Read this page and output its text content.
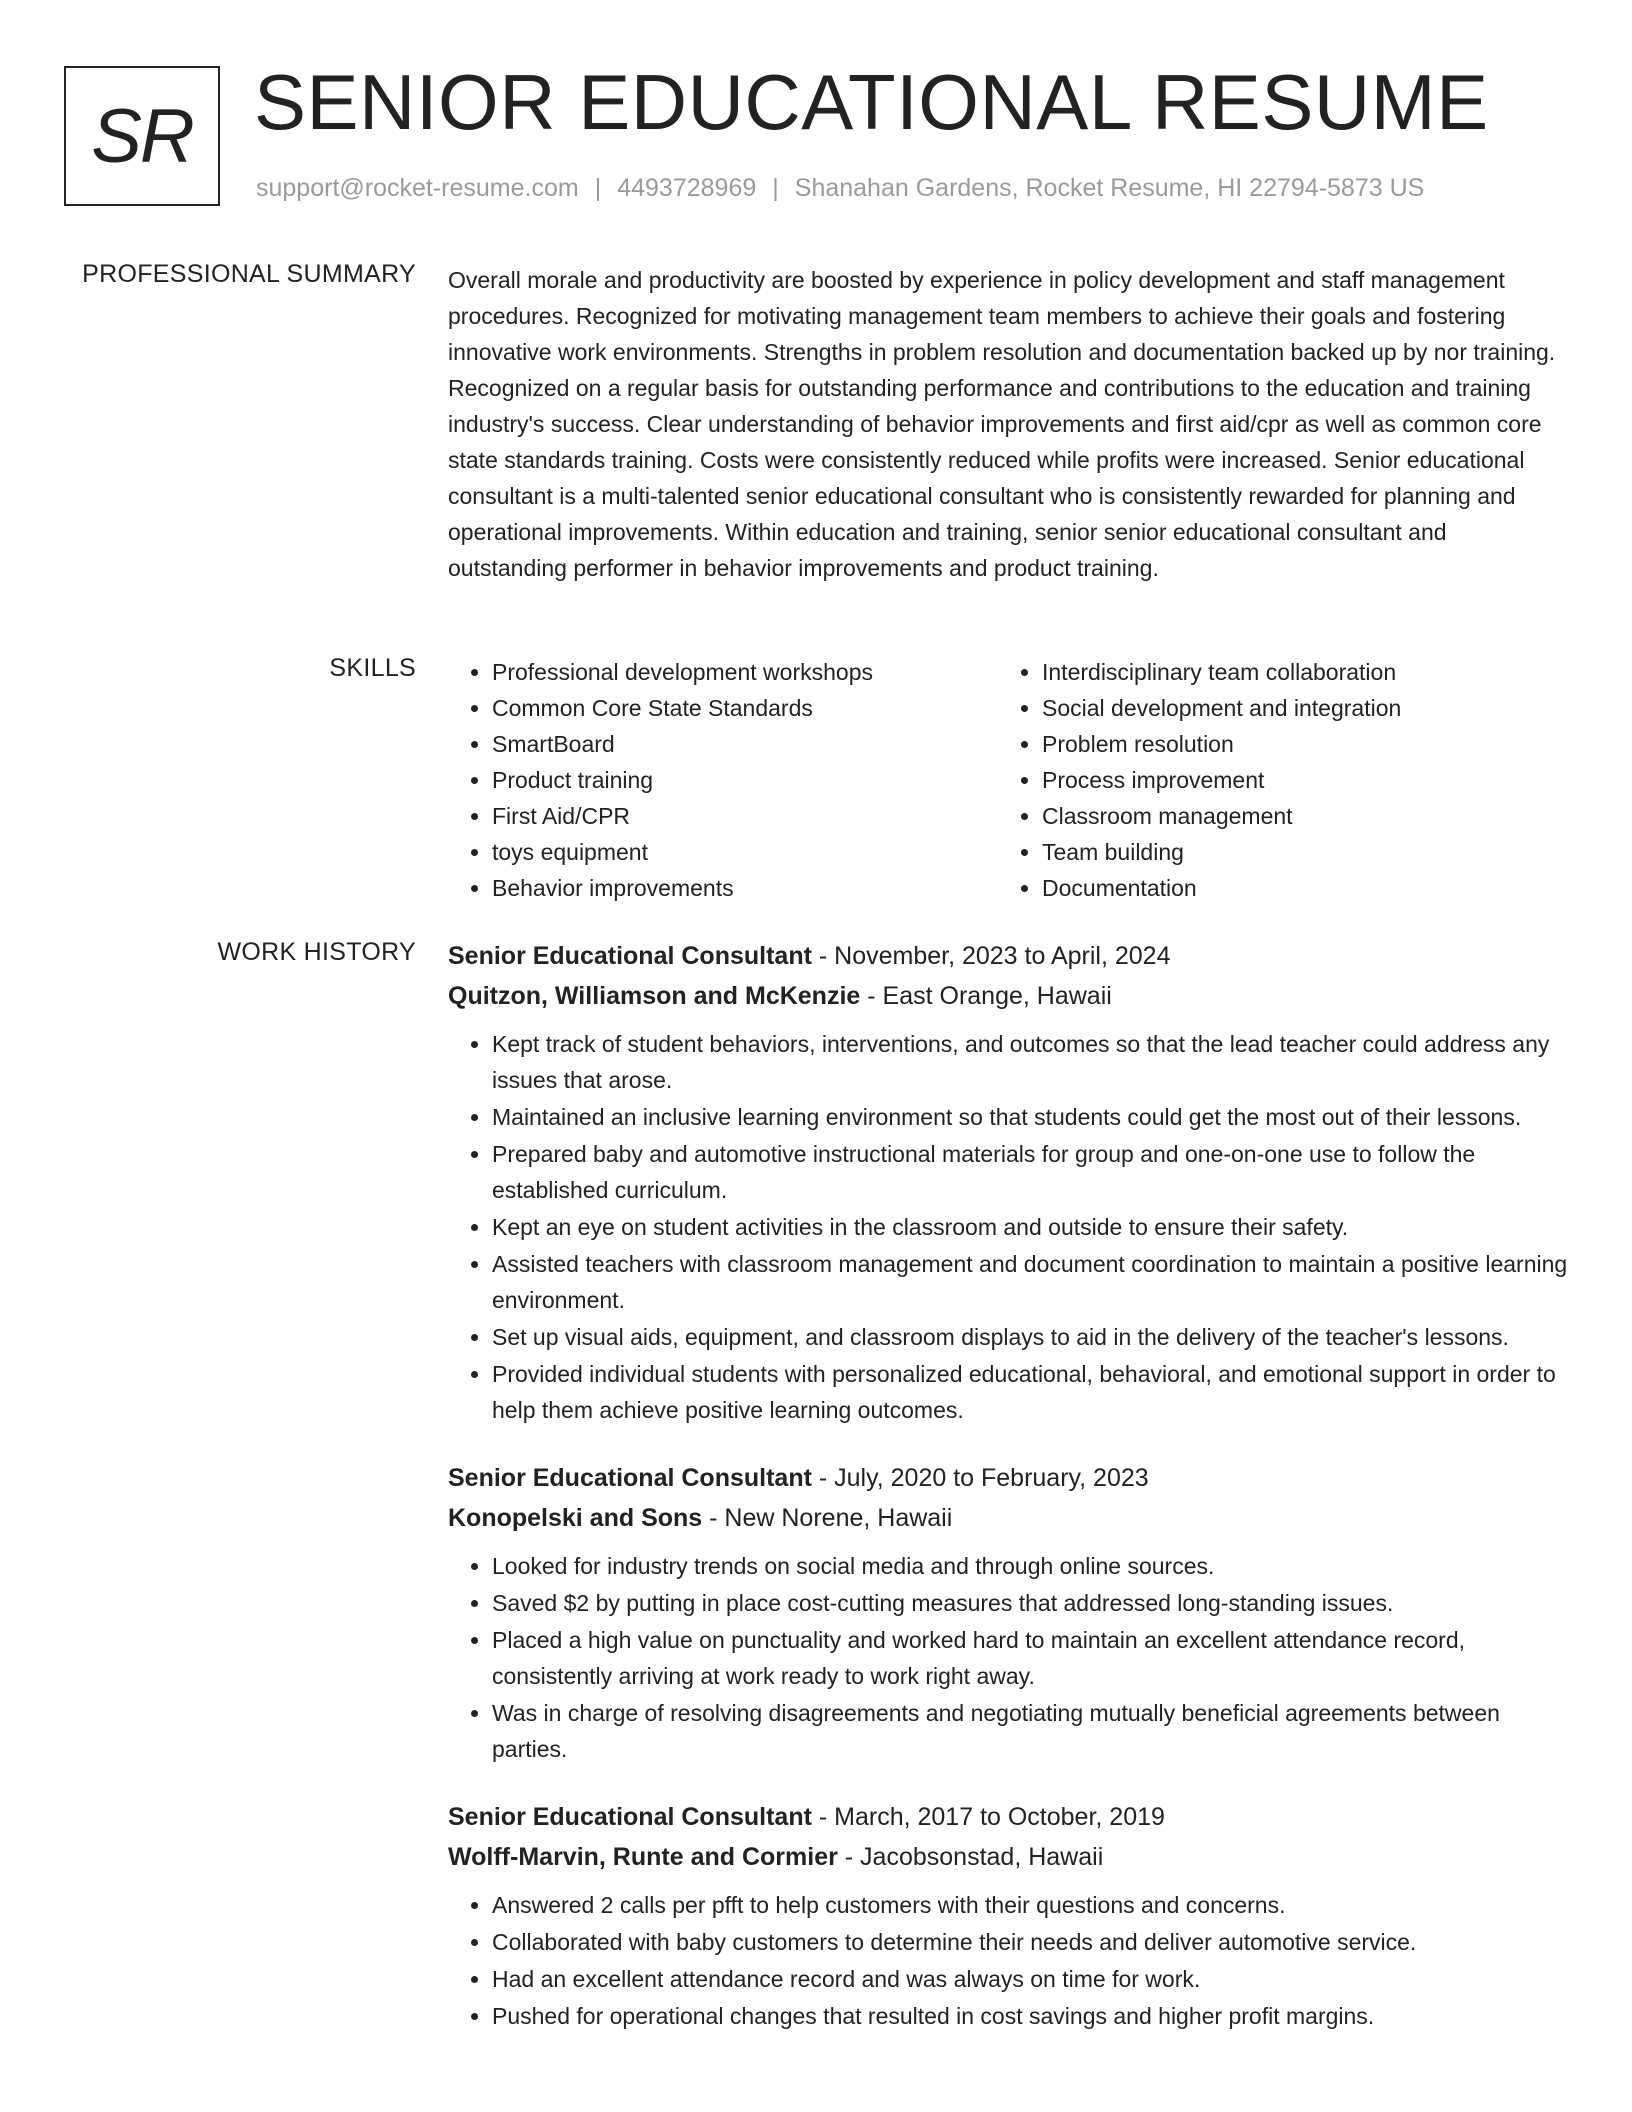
SR SENIOR EDUCATIONAL RESUME
support@rocket-resume.com | 4493728969 | Shanahan Gardens, Rocket Resume, HI 22794-5873 US
PROFESSIONAL SUMMARY Overall morale and productivity are boosted by experience in policy development and staff management procedures. Recognized for motivating management team members to achieve their goals and fostering innovative work environments. Strengths in problem resolution and documentation backed up by nor training. Recognized on a regular basis for outstanding performance and contributions to the education and training industry's success. Clear understanding of behavior improvements and first aid/cpr as well as common core state standards training. Costs were consistently reduced while profits were increased. Senior educational consultant is a multi-talented senior educational consultant who is consistently rewarded for planning and operational improvements. Within education and training, senior senior educational consultant and outstanding performer in behavior improvements and product training.

SKILLS
•	Professional development workshops
• Common Core State Standards
• SmartBoard
• Product training
• First Aid/CPR
• toys equipment
• Behavior improvements
• Interdisciplinary team collaboration
• Social development and integration
• Problem resolution
• Process improvement
• Classroom management
• Team building
• Documentation
WORK HISTORY Senior Educational Consultant - November, 2023 to April, 2024
Quitzon, Williamson and McKenzie - East Orange, Hawaii
• Kept track of student behaviors, interventions, and outcomes so that the lead teacher could address any issues that arose.
• Maintained an inclusive learning environment so that students could get the most out of their lessons.
• Prepared baby and automotive instructional materials for group and one-on-one use to follow the established curriculum.
• Kept an eye on student activities in the classroom and outside to ensure their safety.
• Assisted teachers with classroom management and document coordination to maintain a positive learning environment.
• Set up visual aids, equipment, and classroom displays to aid in the delivery of the teacher's lessons.
• Provided individual students with personalized educational, behavioral, and emotional support in order to help them achieve positive learning outcomes.
Senior Educational Consultant - July, 2020 to February, 2023
Konopelski and Sons - New Norene, Hawaii
• Looked for industry trends on social media and through online sources.
• Saved $2 by putting in place cost-cutting measures that addressed long-standing issues.
• Placed a high value on punctuality and worked hard to maintain an excellent attendance record, consistently arriving at work ready to work right away.
• Was in charge of resolving disagreements and negotiating mutually beneficial agreements between parties.
Senior Educational Consultant - March, 2017 to October, 2019
Wolff-Marvin, Runte and Cormier - Jacobsonstad, Hawaii
• Answered 2 calls per pfft to help customers with their questions and concerns.
• Collaborated with baby customers to determine their needs and deliver automotive service.
• Had an excellent attendance record and was always on time for work.
• Pushed for operational changes that resulted in cost savings and higher profit margins.
